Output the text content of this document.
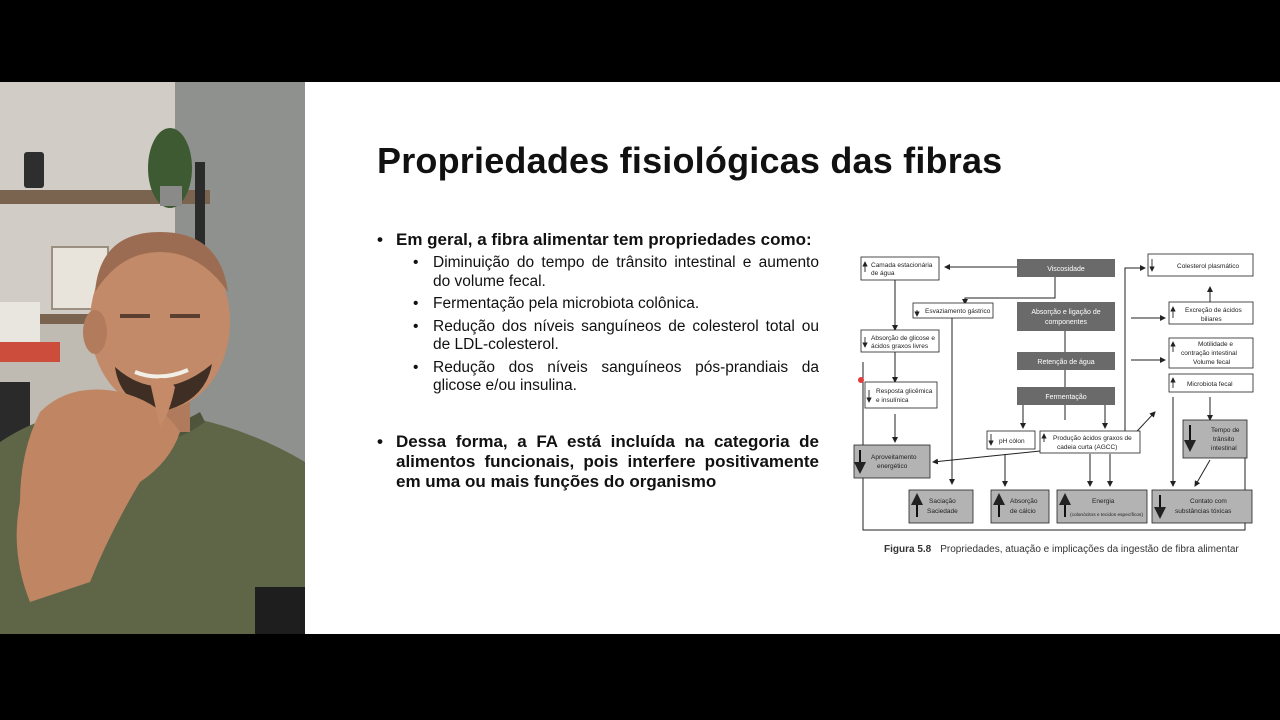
Propriedades fisiológicas das fibras
• Em geral, a fibra alimentar tem propriedades como:
• Diminuição do tempo de trânsito intestinal e aumento do volume fecal.
• Fermentação pela microbiota colônica.
• Redução dos níveis sanguíneos de colesterol total ou de LDL-colesterol.
• Redução dos níveis sanguíneos pós-prandiais da glicose e/ou insulina.
• Dessa forma, a FA está incluída na categoria de alimentos funcionais, pois interfere positivamente em uma ou mais funções do organismo
Camada estacionária
de água
Esvaziamento gástrico
Absorção de glicose e
ácidos graxos livres
Resposta glicêmica
e insulínica
pH cólon	Produção ácidos graxos de
cadeia curta (AGCC)
Colesterol plasmático
Excreção de ácidos
biliares
Motilidade e
contração intestinal
Volume fecal
Microbiota fecal
Aproveitamento
energético
Saciação
Saciedade
Absorção
de cálcio
Energia
(colonócitos e tecidos específicos)
Contato com
substâncias tóxicas
Tempo de
trânsito
intestinal
Viscosidade
Absorção e ligação de
componentes
Retenção de água
Fermentação
Figura 5.8 Propriedades, atuação e implicações da ingestão de fibra alimentar
